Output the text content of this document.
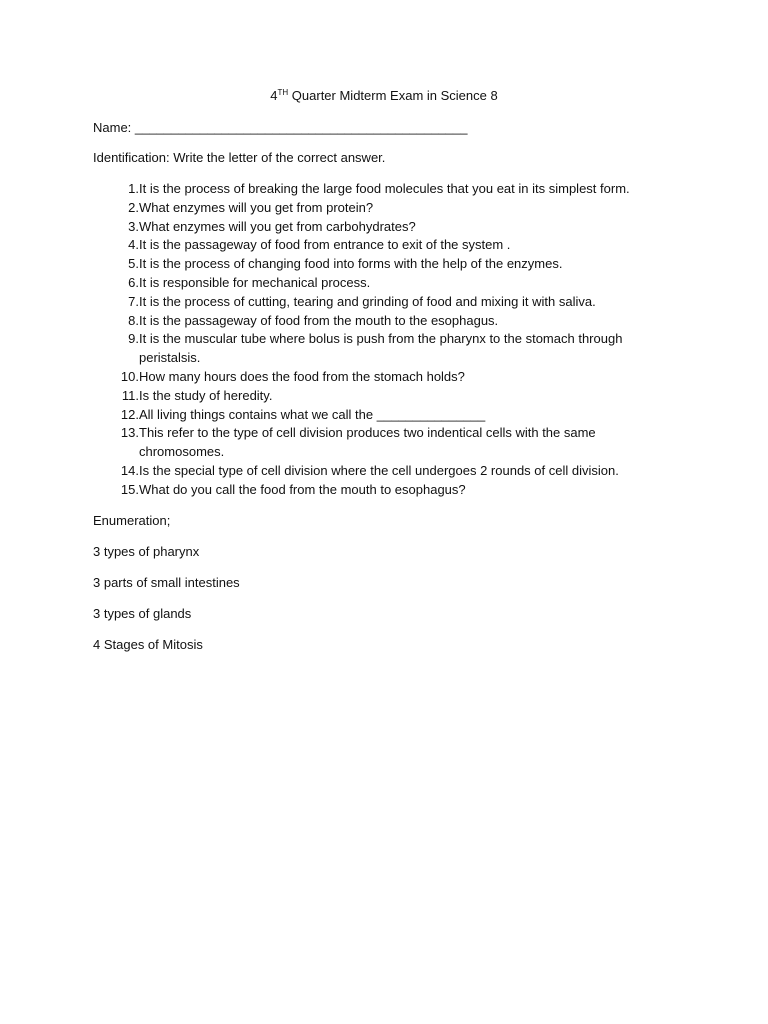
4TH Quarter Midterm Exam in Science 8
Name: ______________________________________________
Identification: Write the letter of the correct answer.
1. It is the process of breaking the large food molecules that you eat in its simplest form.
2. What enzymes will you get from protein?
3. What enzymes will you get from carbohydrates?
4. It is the passageway of food from entrance to exit of the system .
5. It is the process of changing food into forms with the help of the enzymes.
6. It is responsible for mechanical process.
7. It is the process of cutting, tearing and grinding of food and mixing it with saliva.
8. It is the passageway of food from the mouth to the esophagus.
9. It is the muscular tube where bolus is push from the pharynx to the stomach through peristalsis.
10. How many hours does the food from the stomach holds?
11. Is the study of heredity.
12. All living things contains what we call the _______________
13. This refer to the type of cell division produces two indentical cells with the same chromosomes.
14. Is the special type of cell division where the cell undergoes 2 rounds of cell division.
15. What do you call the food from the mouth to esophagus?
Enumeration;
3 types of pharynx
3 parts of small intestines
3 types of glands
4 Stages of Mitosis
